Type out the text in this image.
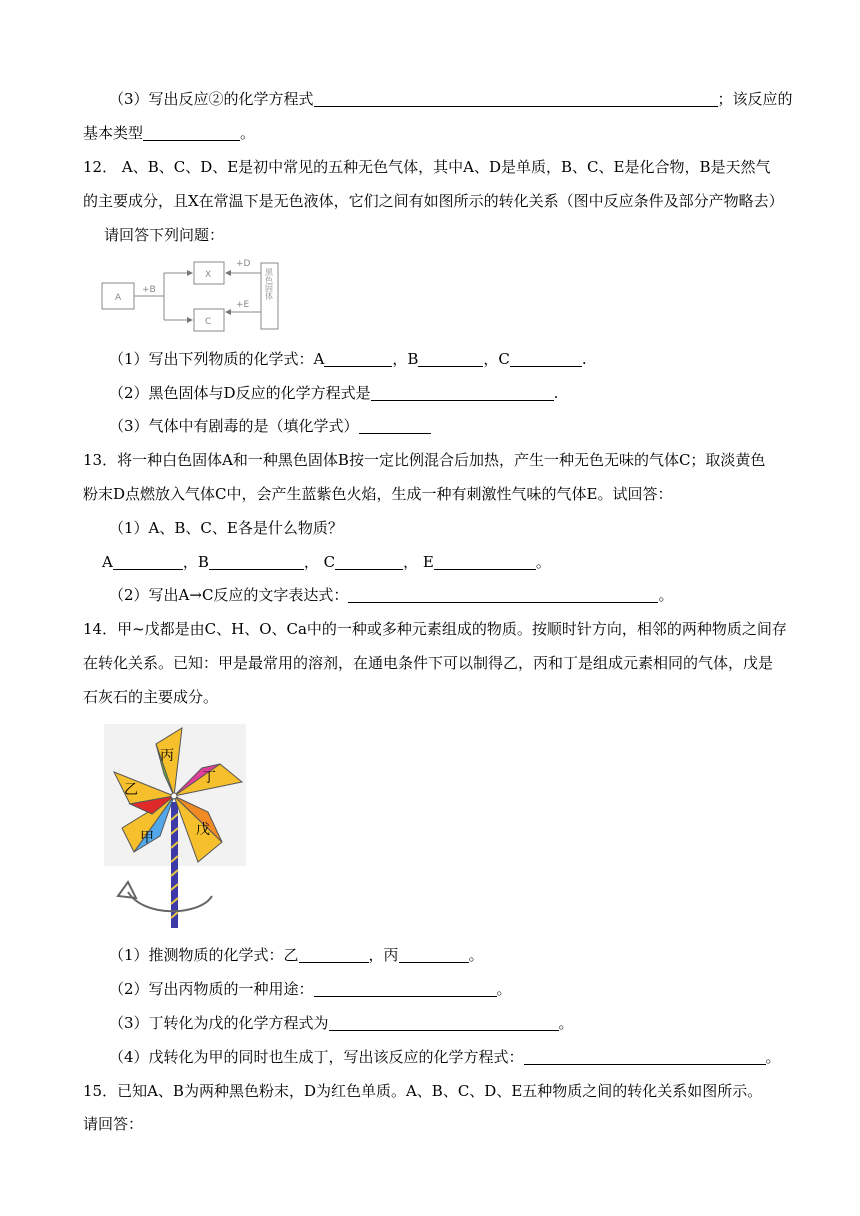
（3）写出反应②的化学方程式	；该反应的
基本类型	。
12． A、B、C、D、E是初中常见的五种无色气体，其中A、D是单质，B、C、E是化合物，B是天然气
的主要成分，且X在常温下是无色液体，它们之间有如图所示的转化关系（图中反应条件及部分产物略去）
请回答下列问题：
A
X
C
+B
+D
+E
黑色固体
（1）写出下列物质的化学式：A	，B	，C	.
（2）黑色固体与D反应的化学方程式是	.
（3）气体中有剧毒的是（填化学式）
13．将一种白色固体A和一种黑色固体B按一定比例混合后加热，产生一种无色无味的气体C；取淡黄色
粉末D点燃放入气体C中，会产生蓝紫色火焰，生成一种有刺激性气味的气体E。试回答：
（1）A、B、C、E各是什么物质？
A	，B	， C	， E	。
（2）写出A→C反应的文字表达式：	。
14．甲~戊都是由C、H、O、Ca中的一种或多种元素组成的物质。按顺时针方向，相邻的两种物质之间存
在转化关系。已知：甲是最常用的溶剂，在通电条件下可以制得乙，丙和丁是组成元素相同的气体，戊是
石灰石的主要成分。
丙
丁
乙
甲	戊
（1）推测物质的化学式：乙	，丙	。
（2）写出丙物质的一种用途：	。
（3）丁转化为戊的化学方程式为	。
（4）戊转化为甲的同时也生成丁，写出该反应的化学方程式：	。
15．已知A、B为两种黑色粉末，D为红色单质。A、B、C、D、E五种物质之间的转化关系如图所示。
请回答：
